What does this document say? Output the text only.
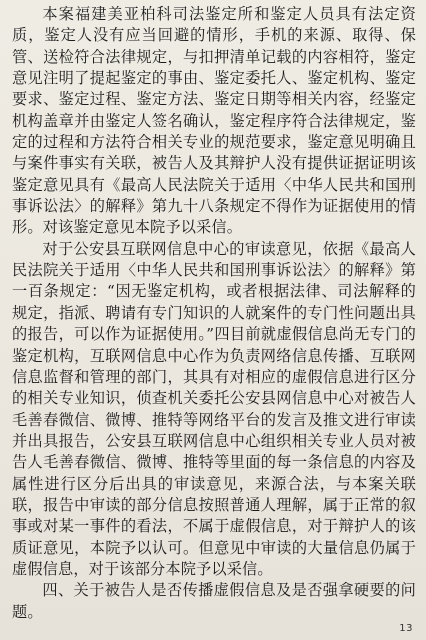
本案福建美亚柏科司法鉴定所和鉴定人员具有法定资质，鉴定人没有应当回避的情形，手机的来源、取得、保管、送检符合法律规定，与扣押清单记载的内容相符，鉴定意见注明了提起鉴定的事由、鉴定委托人、鉴定机构、鉴定要求、鉴定过程、鉴定方法、鉴定日期等相关内容，经鉴定机构盖章并由鉴定人签名确认，鉴定程序符合法律规定，鉴定的过程和方法符合相关专业的规范要求，鉴定意见明确且与案件事实有关联，被告人及其辩护人没有提供证据证明该鉴定意见具有《最高人民法院关于适用〈中华人民共和国刑事诉讼法〉的解释》第九十八条规定不得作为证据使用的情形。对该鉴定意见本院予以采信。

对于公安县互联网信息中心的审读意见，依据《最高人民法院关于适用〈中华人民共和国刑事诉讼法〉的解释》第一百条规定：“因无鉴定机构，或者根据法律、司法解释的规定，指派、聘请有专门知识的人就案件的专门性问题出具的报告，可以作为证据使用。”四目前就虚假信息尚无专门的鉴定机构，互联网信息中心作为负责网络信息传播、互联网信息监督和管理的部门，其具有对相应的虚假信息进行区分的相关专业知识，侦查机关委托公安县网信息中心对被告人毛善春微信、微博、推特等网络平台的发言及推文进行审读并出具报告，公安县互联网信息中心组织相关专业人员对被告人毛善春微信、微博、推特等里面的每一条信息的内容及属性进行区分后出具的审读意见，来源合法，与本案关联联，报告中审读的部分信息按照普通人理解，属于正常的叙事或对某一事件的看法，不属于虚假信息，对于辩护人的该质证意见，本院予以认可。但意见中审读的大量信息仍属于虚假信息，对于该部分本院予以采信。

四、关于被告人是否传播虚假信息及是否强拿硬要的问题。

13
